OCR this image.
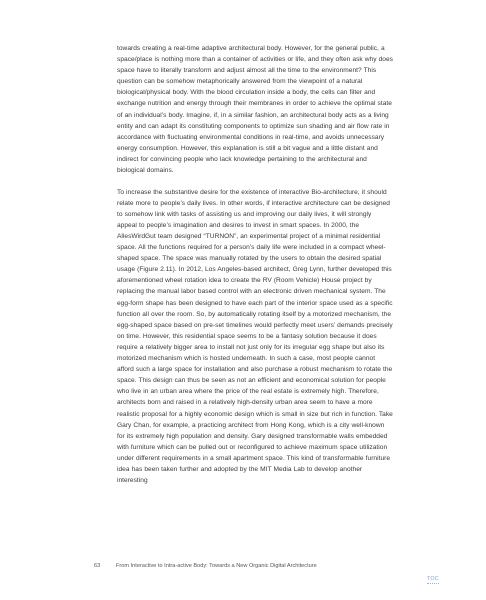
towards creating a real-time adaptive architectural body. However, for the general public, a space/place is nothing more than a container of activities or life, and they often ask why does space have to literally transform and adjust almost all the time to the environment? This question can be somehow metaphorically answered from the viewpoint of a natural biological/physical body. With the blood circulation inside a body, the cells can filter and exchange nutrition and energy through their membranes in order to achieve the optimal state of an individual’s body. Imagine, if, in a similar fashion, an architectural body acts as a living entity and can adapt its constituting components to optimize sun shading and air flow rate in accordance with fluctuating environmental conditions in real-time, and avoids unnecessary energy consumption. However, this explanation is still a bit vague and a little distant and indirect for convincing people who lack knowledge pertaining to the architectural and biological domains.

To increase the substantive desire for the existence of interactive Bio-architecture, it should relate more to people’s daily lives. In other words, if interactive architecture can be designed to somehow link with tasks of assisting us and improving our daily lives, it will strongly appeal to people’s imagination and desires to invest in smart spaces. In 2000, the AllesWirdGut team designed “TURNON”, an experimental project of a minimal residential space. All the functions required for a person’s daily life were included in a compact wheel-shaped space. The space was manually rotated by the users to obtain the desired spatial usage (Figure 2.11). In 2012, Los Angeles-based architect, Greg Lynn, further developed this aforementioned wheel rotation idea to create the RV (Room Vehicle) House project by replacing the manual labor based control with an electronic driven mechanical system. The egg-form shape has been designed to have each part of the interior space used as a specific function all over the room. So, by automatically rotating itself by a motorized mechanism, the egg-shaped space based on pre-set timelines would perfectly meet users’ demands precisely on time. However, this residential space seems to be a fantasy solution because it does require a relatively bigger area to install not just only for its irregular egg shape but also its motorized mechanism which is hosted underneath. In such a case, most people cannot afford such a large space for installation and also purchase a robust mechanism to rotate the space. This design can thus be seen as not an efficient and economical solution for people who live in an urban area where the price of the real estate is extremely high. Therefore, architects born and raised in a relatively high-density urban area seem to have a more realistic proposal for a highly economic design which is small in size but rich in function. Take Gary Chan, for example, a practicing architect from Hong Kong, which is a city well-known for its extremely high population and density. Gary designed transformable walls embedded with furniture which can be pulled out or reconfigured to achieve maximum space utilization under different requirements in a small apartment space. This kind of transformable furniture idea has been taken further and adopted by the MIT Media Lab to develop another interesting

63	From Interactive to Intra-active Body: Towards a New Organic Digital Architecture
TOC
